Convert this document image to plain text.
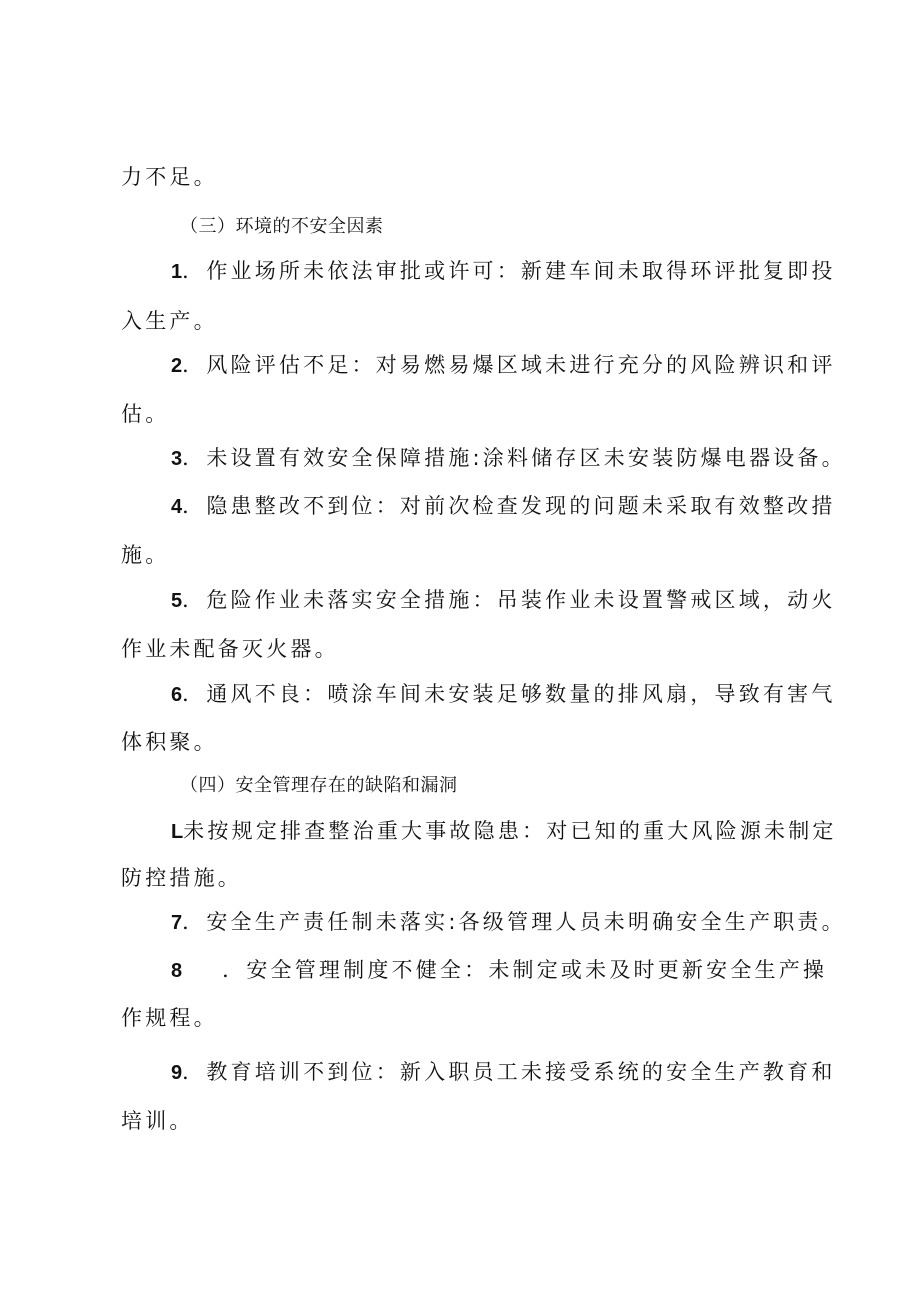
力不足。
（三）环境的不安全因素
1．作业场所未依法审批或许可：新建车间未取得环评批复即投
入生产。
2．风险评估不足：对易燃易爆区域未进行充分的风险辨识和评
估。
3．未设置有效安全保障措施:涂料储存区未安装防爆电器设备。
4．隐患整改不到位：对前次检查发现的问题未采取有效整改措
施。
5．危险作业未落实安全措施：吊装作业未设置警戒区域，动火
作业未配备灭火器。
6．通风不良：喷涂车间未安装足够数量的排风扇，导致有害气
体积聚。
（四）安全管理存在的缺陷和漏洞
L未按规定排查整治重大事故隐患：对已知的重大风险源未制定
防控措施。
7．安全生产责任制未落实:各级管理人员未明确安全生产职责。
8 ．安全管理制度不健全：未制定或未及时更新安全生产操
作规程。
9．教育培训不到位：新入职员工未接受系统的安全生产教育和
培训。
